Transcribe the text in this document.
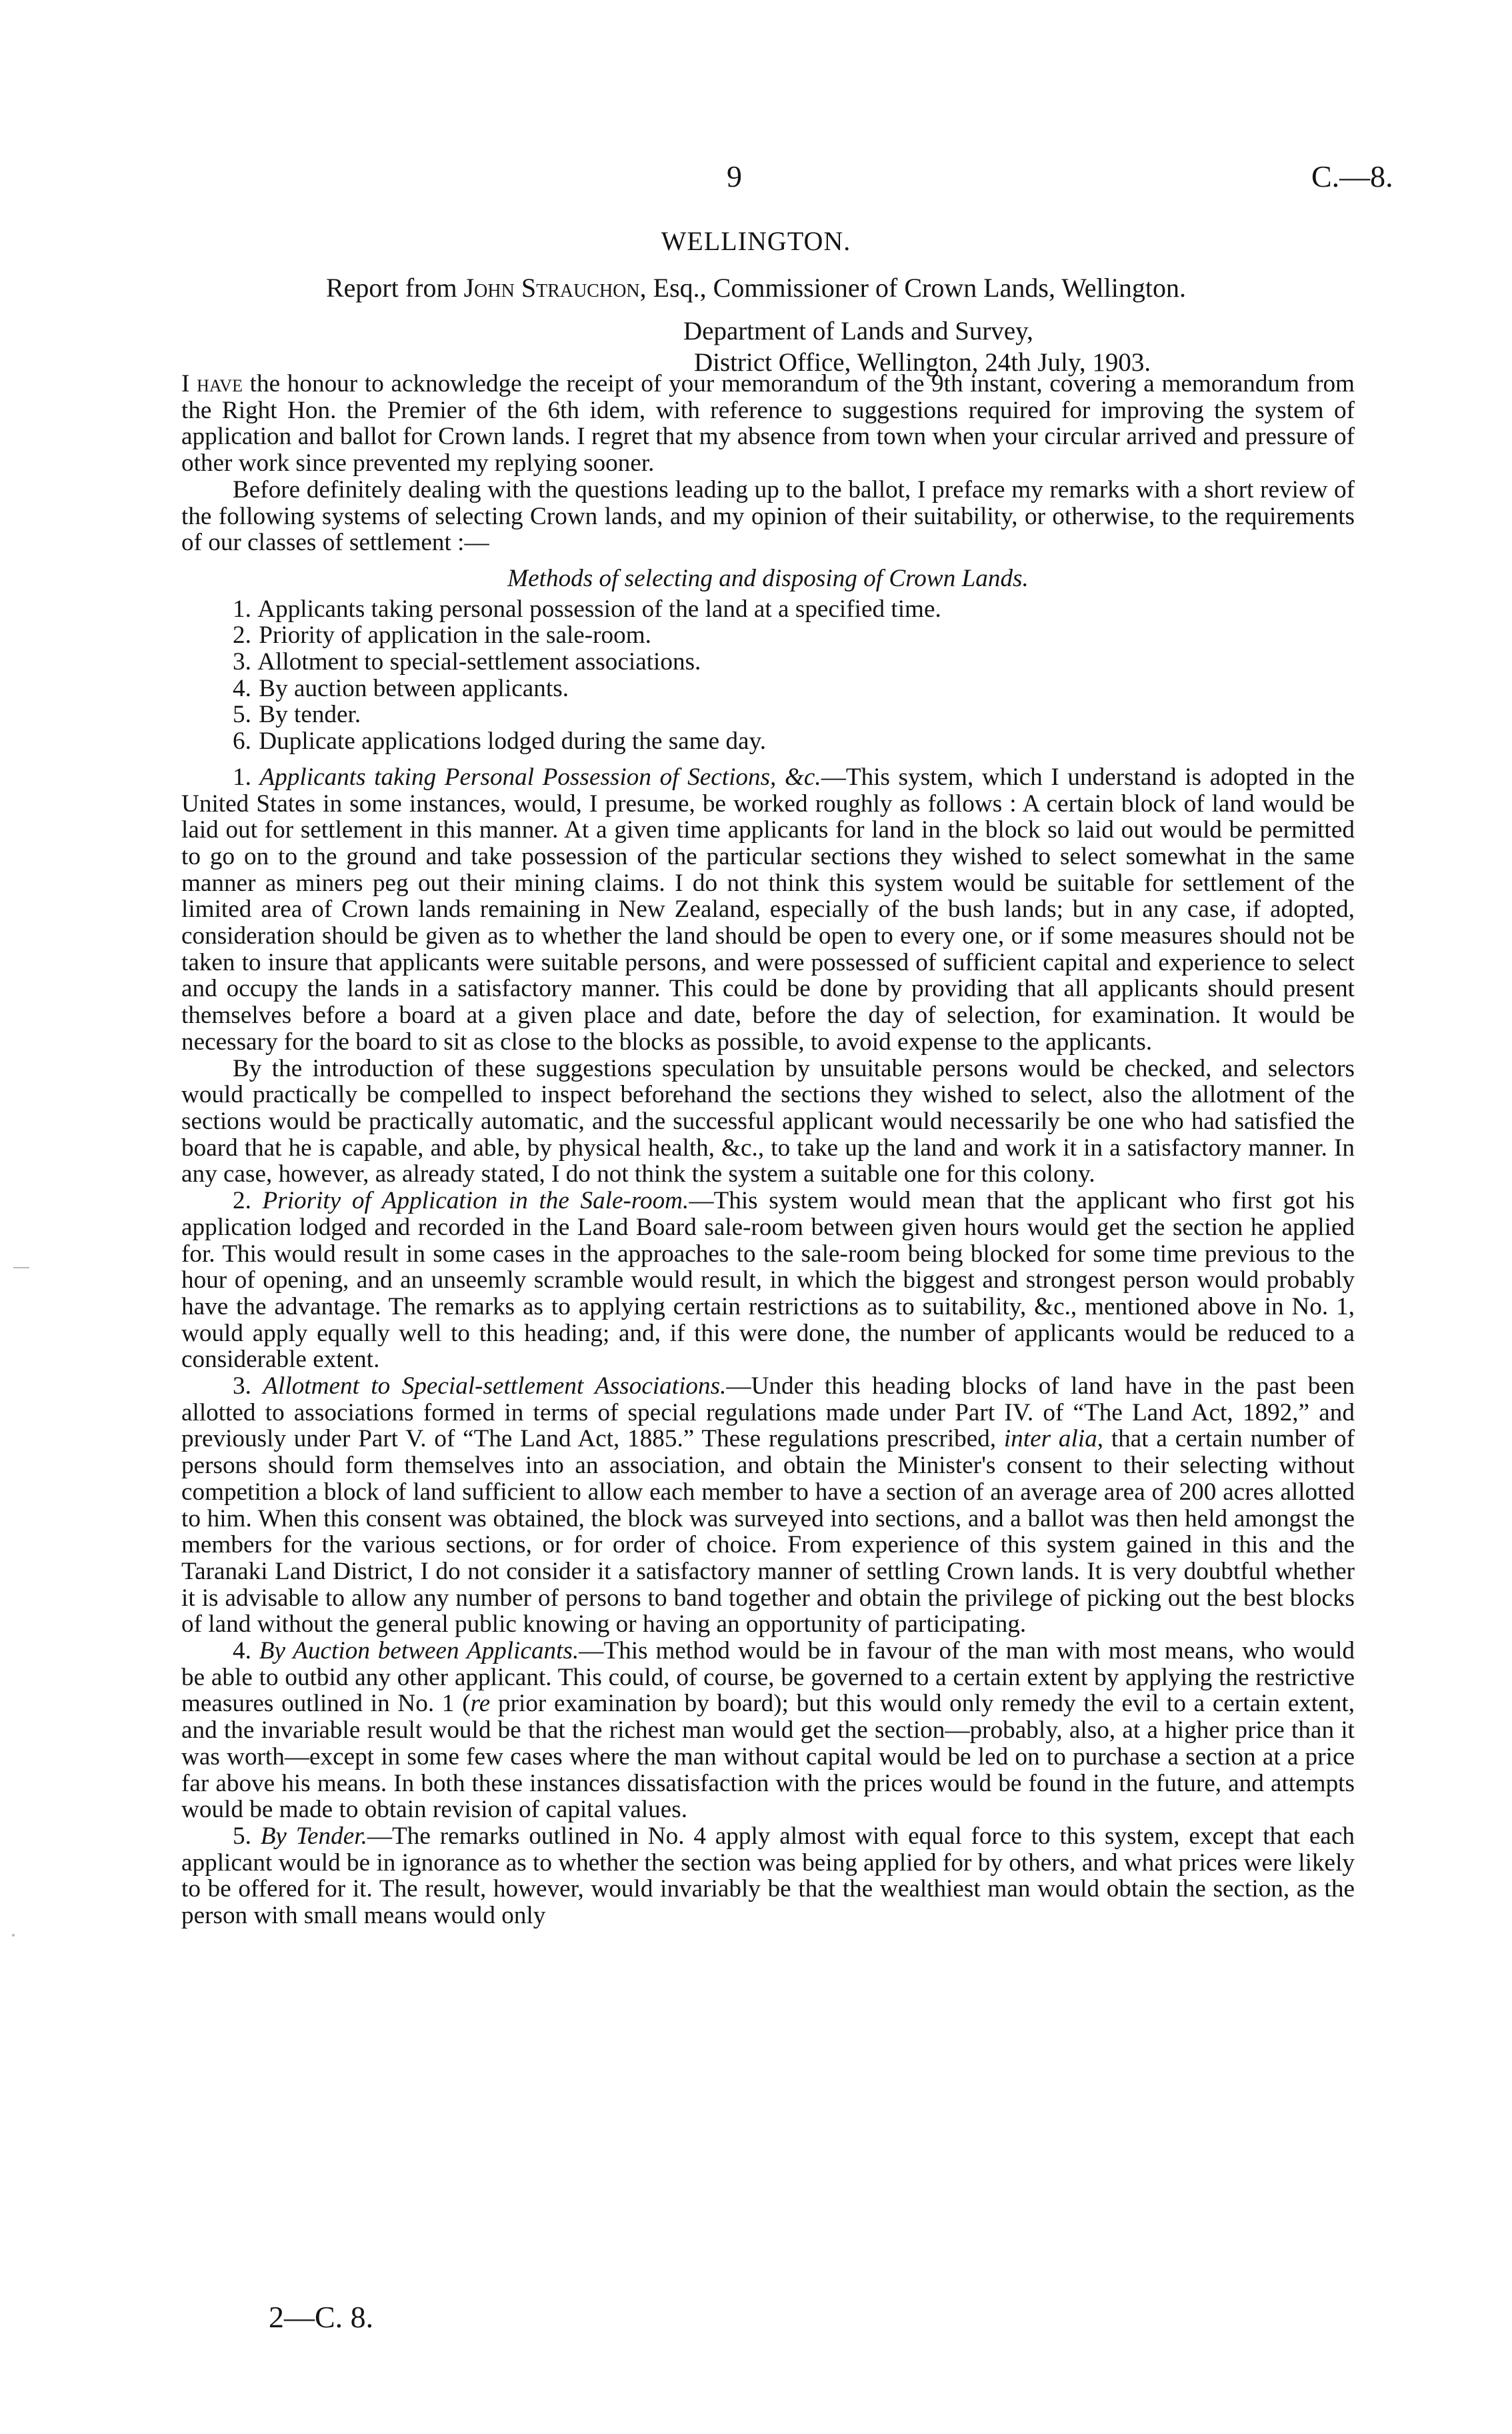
9	C.—8.
WELLINGTON.
Report from John Strauchon, Esq., Commissioner of Crown Lands, Wellington.
Department of Lands and Survey,
District Office, Wellington, 24th July, 1903.

I have the honour to acknowledge the receipt of your memorandum of the 9th instant, covering a memorandum from the Right Hon. the Premier of the 6th idem, with reference to suggestions required for improving the system of application and ballot for Crown lands. I regret that my absence from town when your circular arrived and pressure of other work since prevented my replying sooner.

Before definitely dealing with the questions leading up to the ballot, I preface my remarks with a short review of the following systems of selecting Crown lands, and my opinion of their suitability, or otherwise, to the requirements of our classes of settlement :—

Methods of selecting and disposing of Crown Lands.

1. Applicants taking personal possession of the land at a specified time.
2. Priority of application in the sale-room.
3. Allotment to special-settlement associations.
4. By auction between applicants.
5. By tender.
6. Duplicate applications lodged during the same day.

1. Applicants taking Personal Possession of Sections, &c.—This system, which I understand is adopted in the United States in some instances, would, I presume, be worked roughly as follows : A certain block of land would be laid out for settlement in this manner. At a given time applicants for land in the block so laid out would be permitted to go on to the ground and take possession of the particular sections they wished to select somewhat in the same manner as miners peg out their mining claims. I do not think this system would be suitable for settlement of the limited area of Crown lands remaining in New Zealand, especially of the bush lands; but in any case, if adopted, consideration should be given as to whether the land should be open to every one, or if some measures should not be taken to insure that applicants were suitable persons, and were possessed of sufficient capital and experience to select and occupy the lands in a satisfactory manner. This could be done by providing that all applicants should present themselves before a board at a given place and date, before the day of selection, for examination. It would be necessary for the board to sit as close to the blocks as possible, to avoid expense to the applicants.

By the introduction of these suggestions speculation by unsuitable persons would be checked, and selectors would practically be compelled to inspect beforehand the sections they wished to select, also the allotment of the sections would be practically automatic, and the successful applicant would necessarily be one who had satisfied the board that he is capable, and able, by physical health, &c., to take up the land and work it in a satisfactory manner. In any case, however, as already stated, I do not think the system a suitable one for this colony.

2. Priority of Application in the Sale-room.—This system would mean that the applicant who first got his application lodged and recorded in the Land Board sale-room between given hours would get the section he applied for. This would result in some cases in the approaches to the sale-room being blocked for some time previous to the hour of opening, and an unseemly scramble would result, in which the biggest and strongest person would probably have the advantage. The remarks as to applying certain restrictions as to suitability, &c., mentioned above in No. 1, would apply equally well to this heading; and, if this were done, the number of applicants would be reduced to a considerable extent.

3. Allotment to Special-settlement Associations.—Under this heading blocks of land have in the past been allotted to associations formed in terms of special regulations made under Part IV. of “The Land Act, 1892,” and previously under Part V. of “The Land Act, 1885.” These regulations prescribed, inter alia, that a certain number of persons should form themselves into an association, and obtain the Minister's consent to their selecting without competition a block of land sufficient to allow each member to have a section of an average area of 200 acres allotted to him. When this consent was obtained, the block was surveyed into sections, and a ballot was then held amongst the members for the various sections, or for order of choice. From experience of this system gained in this and the Taranaki Land District, I do not consider it a satisfactory manner of settling Crown lands. It is very doubtful whether it is advisable to allow any number of persons to band together and obtain the privilege of picking out the best blocks of land without the general public knowing or having an opportunity of participating.

4. By Auction between Applicants.—This method would be in favour of the man with most means, who would be able to outbid any other applicant. This could, of course, be governed to a certain extent by applying the restrictive measures outlined in No. 1 (re prior examination by board); but this would only remedy the evil to a certain extent, and the invariable result would be that the richest man would get the section—probably, also, at a higher price than it was worth—except in some few cases where the man without capital would be led on to purchase a section at a price far above his means. In both these instances dissatisfaction with the prices would be found in the future, and attempts would be made to obtain revision of capital values.

5. By Tender.—The remarks outlined in No. 4 apply almost with equal force to this system, except that each applicant would be in ignorance as to whether the section was being applied for by others, and what prices were likely to be offered for it. The result, however, would invariably be that the wealthiest man would obtain the section, as the person with small means would only

2—C. 8.
